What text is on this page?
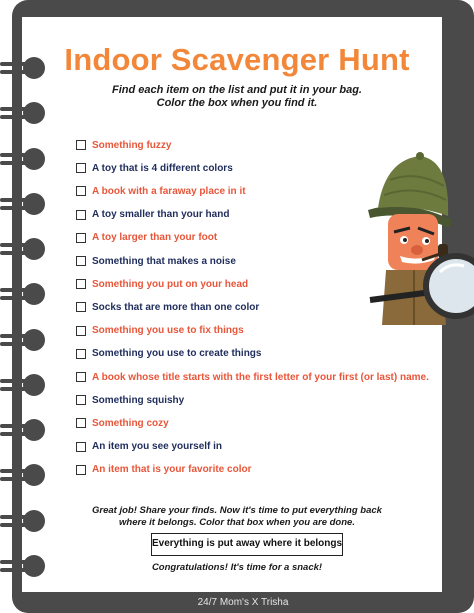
Indoor Scavenger Hunt
Find each item on the list and put it in your bag.
Color the box when you find it.
Something fuzzy
A toy that is 4 different colors
A book with a faraway place in it
A toy smaller than your hand
A toy larger than your foot
Something that makes a noise
Something you put on your head
Socks that are more than one color
Something you use to fix things
Something you use to create things
A book whose title starts with the first letter of your first (or last) name.
Something squishy
Something cozy
An item you see yourself in
An item that is your favorite color
Great job! Share your finds. Now it's time to put everything back
where it belongs. Color that box when you are done.
Everything is put away where it belongs
Congratulations! It's time for a snack!
24/7 Mom's X Trisha
